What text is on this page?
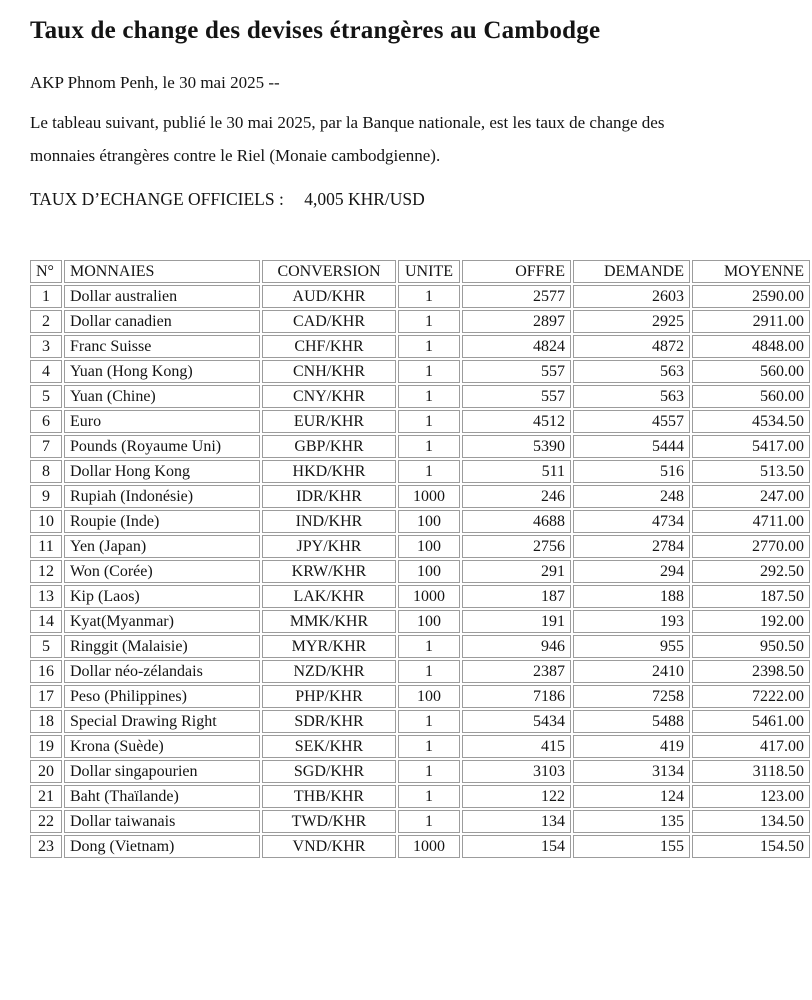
Taux de change des devises étrangères au Cambodge
AKP Phnom Penh, le 30 mai 2025 --
Le tableau suivant, publié le 30 mai 2025, par la Banque nationale, est les taux de change des
monnaies étrangères contre le Riel (Monaie cambodgienne).
TAUX D’ECHANGE OFFICIELS : 4,005 KHR/USD
N°	MONNAIES	CONVERSION	UNITE	OFFRE	DEMANDE	MOYENNE
1	Dollar australien	AUD/KHR	1	2577	2603	2590.00
2	Dollar canadien	CAD/KHR	1	2897	2925	2911.00
3	Franc Suisse	CHF/KHR	1	4824	4872	4848.00
4	Yuan (Hong Kong)	CNH/KHR	1	557	563	560.00
5	Yuan (Chine)	CNY/KHR	1	557	563	560.00
6	Euro	EUR/KHR	1	4512	4557	4534.50
7	Pounds (Royaume Uni)	GBP/KHR	1	5390	5444	5417.00
8	Dollar Hong Kong	HKD/KHR	1	511	516	513.50
9	Rupiah (Indonésie)	IDR/KHR	1000	246	248	247.00
10	Roupie (Inde)	IND/KHR	100	4688	4734	4711.00
11	Yen (Japan)	JPY/KHR	100	2756	2784	2770.00
12	Won (Corée)	KRW/KHR	100	291	294	292.50
13	Kip (Laos)	LAK/KHR	1000	187	188	187.50
14	Kyat(Myanmar)	MMK/KHR	100	191	193	192.00
5	Ringgit (Malaisie)	MYR/KHR	1	946	955	950.50
16	Dollar néo-zélandais	NZD/KHR	1	2387	2410	2398.50
17	Peso (Philippines)	PHP/KHR	100	7186	7258	7222.00
18	Special Drawing Right	SDR/KHR	1	5434	5488	5461.00
19	Krona (Suède)	SEK/KHR	1	415	419	417.00
20	Dollar singapourien	SGD/KHR	1	3103	3134	3118.50
21	Baht (Thaïlande)	THB/KHR	1	122	124	123.00
22	Dollar taiwanais	TWD/KHR	1	134	135	134.50
23	Dong (Vietnam)	VND/KHR	1000	154	155	154.50
